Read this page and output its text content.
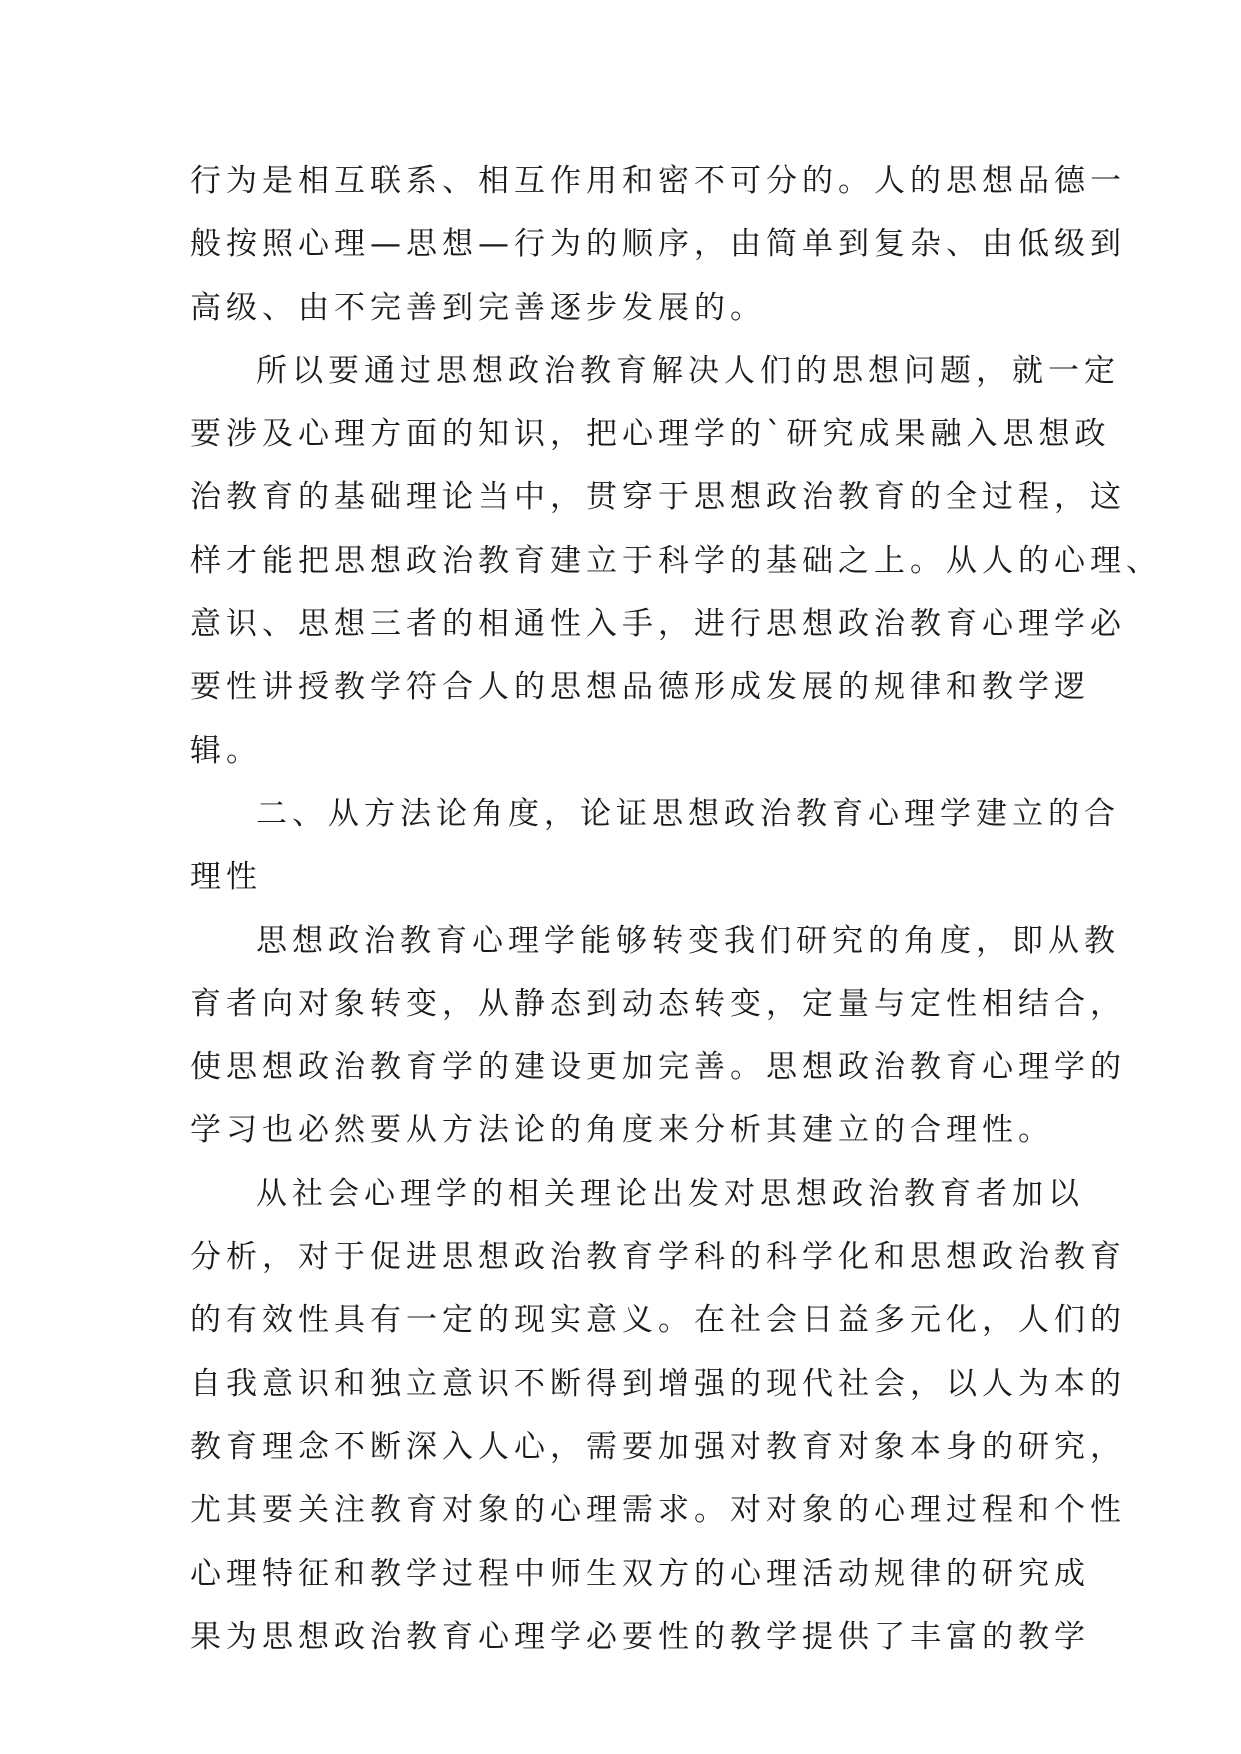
行为是相互联系、相互作用和密不可分的。人的思想品德一
般按照心理—思想—行为的顺序，由简单到复杂、由低级到
高级、由不完善到完善逐步发展的。
所以要通过思想政治教育解决人们的思想问题，就一定
要涉及心理方面的知识，把心理学的`研究成果融入思想政
治教育的基础理论当中，贯穿于思想政治教育的全过程，这
样才能把思想政治教育建立于科学的基础之上。从人的心理、
意识、思想三者的相通性入手，进行思想政治教育心理学必
要性讲授教学符合人的思想品德形成发展的规律和教学逻
辑。
二、从方法论角度，论证思想政治教育心理学建立的合
理性
思想政治教育心理学能够转变我们研究的角度，即从教
育者向对象转变，从静态到动态转变，定量与定性相结合，
使思想政治教育学的建设更加完善。思想政治教育心理学的
学习也必然要从方法论的角度来分析其建立的合理性。
从社会心理学的相关理论出发对思想政治教育者加以
分析，对于促进思想政治教育学科的科学化和思想政治教育
的有效性具有一定的现实意义。在社会日益多元化，人们的
自我意识和独立意识不断得到增强的现代社会，以人为本的
教育理念不断深入人心，需要加强对教育对象本身的研究，
尤其要关注教育对象的心理需求。对对象的心理过程和个性
心理特征和教学过程中师生双方的心理活动规律的研究成
果为思想政治教育心理学必要性的教学提供了丰富的教学
